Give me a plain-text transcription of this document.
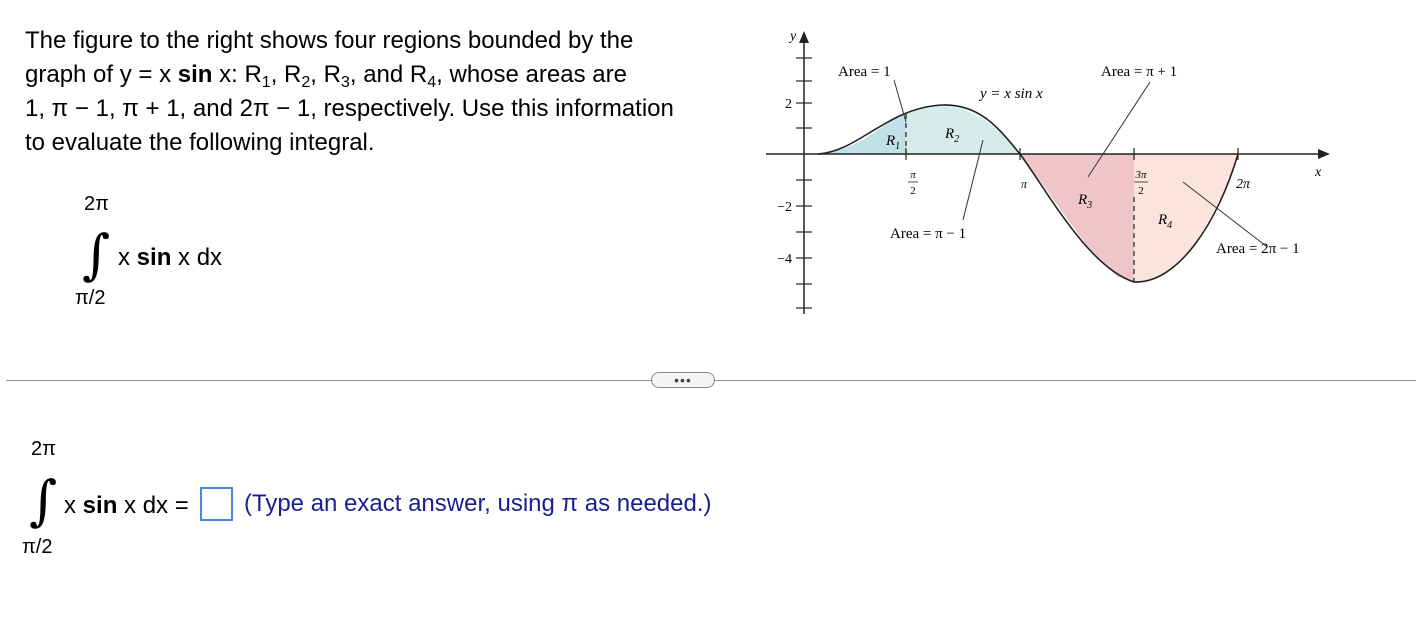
The figure to the right shows four regions bounded by the
graph of y = x sin x: $R_1$, $R_2$, $R_3$, and $R_4$, whose areas are
1, π − 1, π + 1, and 2π − 1, respectively. Use this information
to evaluate the following integral.

2π
∫ x sin x dx
π/2
y
x
2
−2
−4
π
2	π
3π
2	2π
y = x sin x
Area = 1
Area = π − 1
Area = π + 1
Area = 2π − 1
$R_1$
$R_2$
$R_3$
$R_4$
•••
2π
∫ x sin x dx =
π/2
(Type an exact answer, using π as needed.)
